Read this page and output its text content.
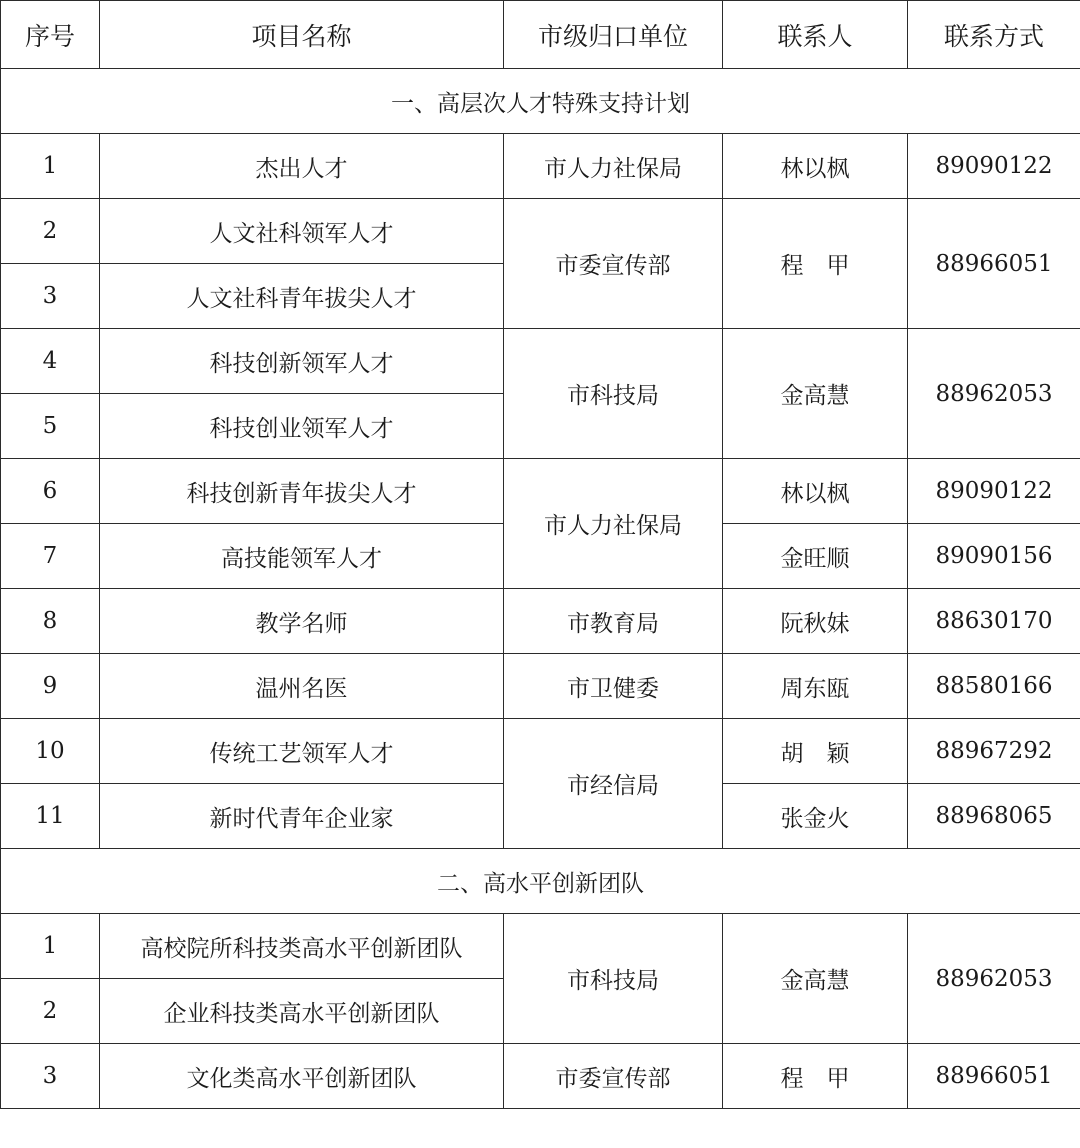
序号	项目名称	市级归口单位	联系人	联系方式
一、高层次人才特殊支持计划				
1	杰出人才	市人力社保局	林以枫	89090122
2	人文社科领军人才	市委宣传部	程　甲	88966051
3	人文社科青年拔尖人才			
4	科技创新领军人才	市科技局	金高慧	88962053
5	科技创业领军人才			
6	科技创新青年拔尖人才	市人力社保局	林以枫	89090122
7	高技能领军人才		金旺顺	89090156
8	教学名师	市教育局	阮秋妹	88630170
9	温州名医	市卫健委	周东瓯	88580166
10	传统工艺领军人才	市经信局	胡　颖	88967292
11	新时代青年企业家		张金火	88968065
二、高水平创新团队				
1	高校院所科技类高水平创新团队	市科技局	金高慧	88962053
2	企业科技类高水平创新团队			
3	文化类高水平创新团队	市委宣传部	程　甲	88966051
